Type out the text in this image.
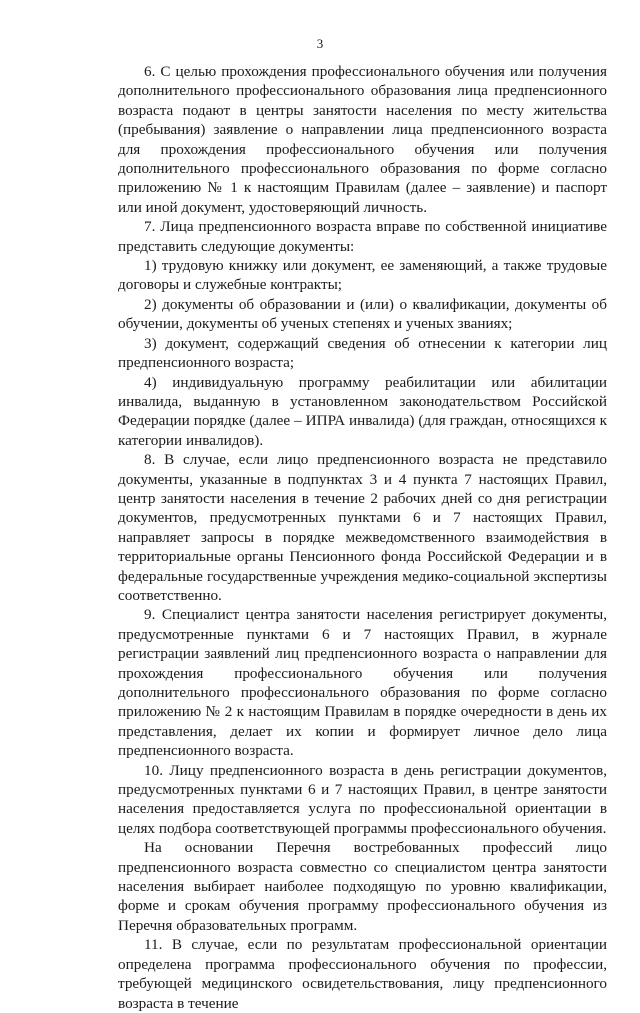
3

6. С целью прохождения профессионального обучения или получения дополнительного профессионального образования лица предпенсионного возраста подают в центры занятости населения по месту жительства (пребывания) заявление о направлении лица предпенсионного возраста для прохождения профессионального обучения или получения дополнительного профессионального образования по форме согласно приложению № 1 к настоящим Правилам (далее – заявление) и паспорт или иной документ, удостоверяющий личность.

7. Лица предпенсионного возраста вправе по собственной инициативе представить следующие документы:

1) трудовую книжку или документ, ее заменяющий, а также трудовые договоры и служебные контракты;

2) документы об образовании и (или) о квалификации, документы об обучении, документы об ученых степенях и ученых званиях;

3) документ, содержащий сведения об отнесении к категории лиц предпенсионного возраста;

4) индивидуальную программу реабилитации или абилитации инвалида, выданную в установленном законодательством Российской Федерации порядке (далее – ИПРА инвалида) (для граждан, относящихся к категории инвалидов).

8. В случае, если лицо предпенсионного возраста не представило документы, указанные в подпунктах 3 и 4 пункта 7 настоящих Правил, центр занятости населения в течение 2 рабочих дней со дня регистрации документов, предусмотренных пунктами 6 и 7 настоящих Правил, направляет запросы в порядке межведомственного взаимодействия в территориальные органы Пенсионного фонда Российской Федерации и в федеральные государственные учреждения медико-социальной экспертизы соответственно.

9. Специалист центра занятости населения регистрирует документы, предусмотренные пунктами 6 и 7 настоящих Правил, в журнале регистрации заявлений лиц предпенсионного возраста о направлении для прохождения профессионального обучения или получения дополнительного профессионального образования по форме согласно приложению № 2 к настоящим Правилам в порядке очередности в день их представления, делает их копии и формирует личное дело лица предпенсионного возраста.

10. Лицу предпенсионного возраста в день регистрации документов, предусмотренных пунктами 6 и 7 настоящих Правил, в центре занятости населения предоставляется услуга по профессиональной ориентации в целях подбора соответствующей программы профессионального обучения.

На основании Перечня востребованных профессий лицо предпенсионного возраста совместно со специалистом центра занятости населения выбирает наиболее подходящую по уровню квалификации, форме и срокам обучения программу профессионального обучения из Перечня образовательных программ.

11. В случае, если по результатам профессиональной ориентации определена программа профессионального обучения по профессии, требующей медицинского освидетельствования, лицу предпенсионного возраста в течение
